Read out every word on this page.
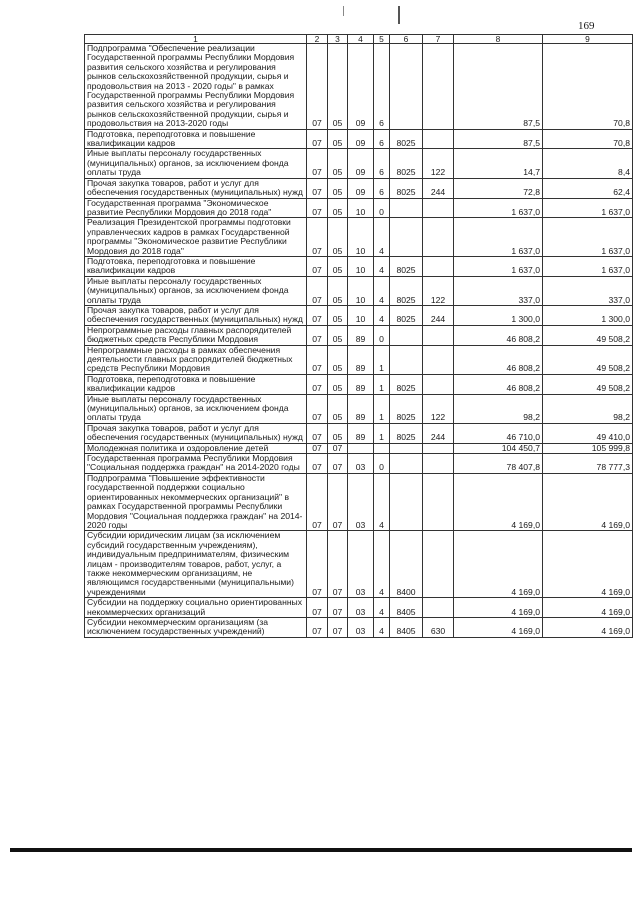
169
1	2	3	4	5	6	7	8	9
Подпрограмма "Обеспечение реализации Государственной программы Республики Мордовия развития сельского хозяйства и регулирования рынков сельскохозяйственной продукции, сырья и продовольствия на 2013 - 2020 годы" в рамках Государственной программы Республики Мордовия развития сельского хозяйства и регулирования рынков сельскохозяйственной продукции, сырья и продовольствия на 2013-2020 годы	07	05	09	6			87,5	70,8
Подготовка, переподготовка и повышение квалификации кадров	07	05	09	6	8025		87,5	70,8
Иные выплаты персоналу государственных (муниципальных) органов, за исключением фонда оплаты труда	07	05	09	6	8025	122	14,7	8,4
Прочая закупка товаров, работ и услуг для обеспечения государственных (муниципальных) нужд	07	05	09	6	8025	244	72,8	62,4
Государственная программа "Экономическое развитие Республики Мордовия до 2018 года"	07	05	10	0			1 637,0	1 637,0
Реализация Президентской программы подготовки управленческих кадров в рамках Государственной программы "Экономическое развитие Республики Мордовия до 2018 года"	07	05	10	4			1 637,0	1 637,0
Подготовка, переподготовка и повышение квалификации кадров	07	05	10	4	8025		1 637,0	1 637,0
Иные выплаты персоналу государственных (муниципальных) органов, за исключением фонда оплаты труда	07	05	10	4	8025	122	337,0	337,0
Прочая закупка товаров, работ и услуг для обеспечения государственных (муниципальных) нужд	07	05	10	4	8025	244	1 300,0	1 300,0
Непрограммные расходы главных распорядителей бюджетных средств Республики Мордовия	07	05	89	0			46 808,2	49 508,2
Непрограммные расходы в рамках обеспечения деятельности главных распорядителей бюджетных средств Республики Мордовия	07	05	89	1			46 808,2	49 508,2
Подготовка, переподготовка и повышение квалификации кадров	07	05	89	1	8025		46 808,2	49 508,2
Иные выплаты персоналу государственных (муниципальных) органов, за исключением фонда оплаты труда	07	05	89	1	8025	122	98,2	98,2
Прочая закупка товаров, работ и услуг для обеспечения государственных (муниципальных) нужд	07	05	89	1	8025	244	46 710,0	49 410,0
Молодежная политика и оздоровление детей	07	07					104 450,7	105 999,8
Государственная программа Республики Мордовия "Социальная поддержка граждан" на 2014-2020 годы	07	07	03	0			78 407,8	78 777,3
Подпрограмма "Повышение эффективности государственной поддержки социально ориентированных некоммерческих организаций" в рамках Государственной программы Республики Мордовия "Социальная поддержка граждан" на 2014-2020 годы	07	07	03	4			4 169,0	4 169,0
Субсидии юридическим лицам (за исключением субсидий государственным учреждениям), индивидуальным предпринимателям, физическим лицам - производителям товаров, работ, услуг, а также некоммерческим организациям, не являющимся государственными (муниципальными) учреждениями	07	07	03	4	8400		4 169,0	4 169,0
Субсидии на поддержку социально ориентированных некоммерческих организаций	07	07	03	4	8405		4 169,0	4 169,0
Субсидии некоммерческим организациям (за исключением государственных учреждений)	07	07	03	4	8405	630	4 169,0	4 169,0
